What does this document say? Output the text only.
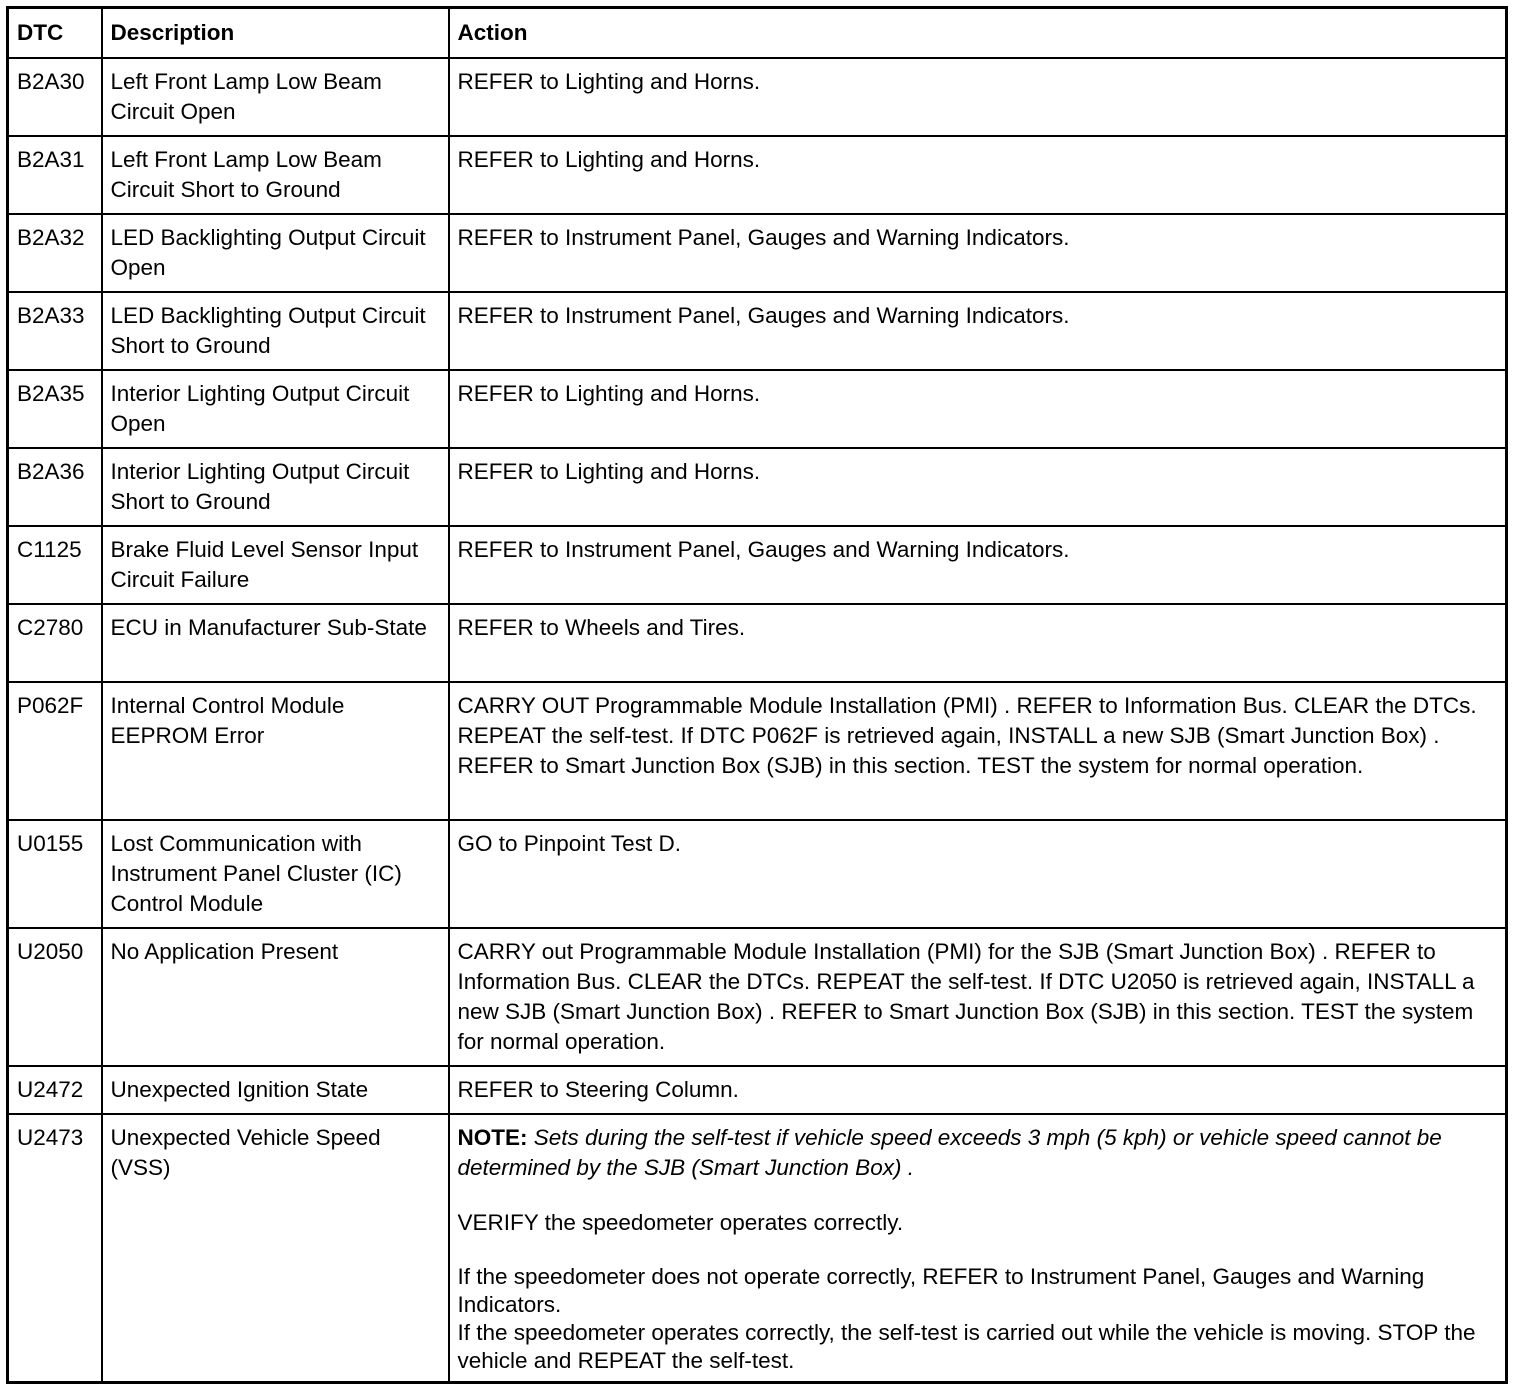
DTC	Description	Action
B2A30	Left Front Lamp Low Beam Circuit Open	REFER to Lighting and Horns.
B2A31	Left Front Lamp Low Beam Circuit Short to Ground	REFER to Lighting and Horns.
B2A32	LED Backlighting Output Circuit Open	REFER to Instrument Panel, Gauges and Warning Indicators.
B2A33	LED Backlighting Output Circuit Short to Ground	REFER to Instrument Panel, Gauges and Warning Indicators.
B2A35	Interior Lighting Output Circuit Open	REFER to Lighting and Horns.
B2A36	Interior Lighting Output Circuit Short to Ground	REFER to Lighting and Horns.
C1125	Brake Fluid Level Sensor Input Circuit Failure	REFER to Instrument Panel, Gauges and Warning Indicators.
C2780	ECU in Manufacturer Sub-State	REFER to Wheels and Tires.
P062F	Internal Control Module EEPROM Error	CARRY OUT Programmable Module Installation (PMI) . REFER to Information Bus. CLEAR the DTCs. REPEAT the self-test. If DTC P062F is retrieved again, INSTALL a new SJB (Smart Junction Box) . REFER to Smart Junction Box (SJB) in this section. TEST the system for normal operation.
U0155	Lost Communication with Instrument Panel Cluster (IC) Control Module	GO to Pinpoint Test D.
U2050	No Application Present	CARRY out Programmable Module Installation (PMI) for the SJB (Smart Junction Box) . REFER to Information Bus. CLEAR the DTCs. REPEAT the self-test. If DTC U2050 is retrieved again, INSTALL a new SJB (Smart Junction Box) . REFER to Smart Junction Box (SJB) in this section. TEST the system for normal operation.
U2472	Unexpected Ignition State	REFER to Steering Column.
U2473	Unexpected Vehicle Speed (VSS)	NOTE: Sets during the self-test if vehicle speed exceeds 3 mph (5 kph) or vehicle speed cannot be determined by the SJB (Smart Junction Box) .
VERIFY the speedometer operates correctly.
If the speedometer does not operate correctly, REFER to Instrument Panel, Gauges and Warning Indicators.
If the speedometer operates correctly, the self-test is carried out while the vehicle is moving. STOP the vehicle and REPEAT the self-test.
